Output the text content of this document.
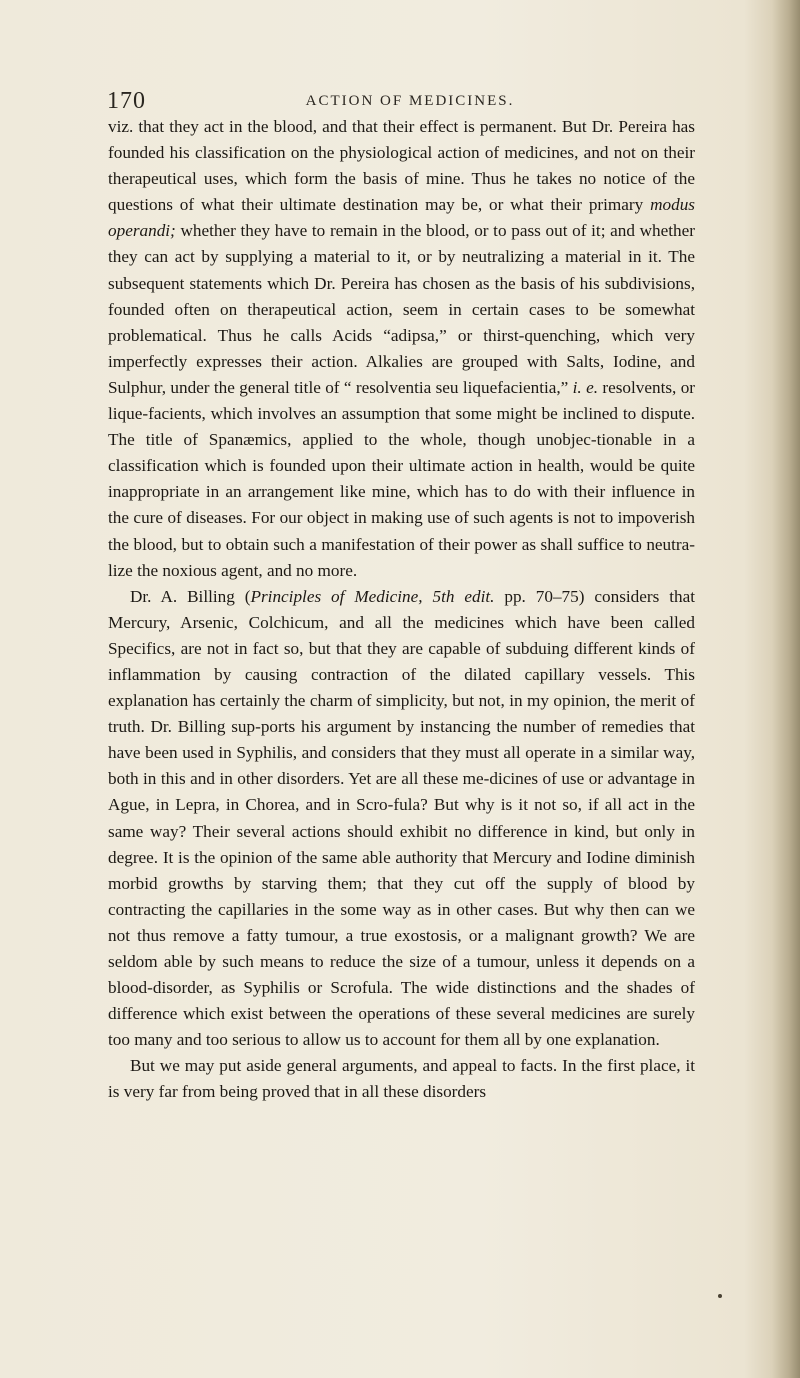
170	ACTION OF MEDICINES.

viz. that they act in the blood, and that their effect is permanent. But Dr. Pereira has founded his classification on the physiological action of medicines, and not on their therapeutical uses, which form the basis of mine. Thus he takes no notice of the questions of what their ultimate destination may be, or what their primary modus operandi; whether they have to remain in the blood, or to pass out of it; and whether they can act by supplying a material to it, or by neutralizing a material in it. The subsequent statements which Dr. Pereira has chosen as the basis of his subdivisions, founded often on therapeutical action, seem in certain cases to be somewhat problematical. Thus he calls Acids “adipsa,” or thirst-quenching, which very imperfectly expresses their action. Alkalies are grouped with Salts, Iodine, and Sulphur, under the general title of “ resolventia seu liquefacientia,” i. e. resolvents, or lique-facients, which involves an assumption that some might be inclined to dispute. The title of Spanæmics, applied to the whole, though unobjec-tionable in a classification which is founded upon their ultimate action in health, would be quite inappropriate in an arrangement like mine, which has to do with their influence in the cure of diseases. For our object in making use of such agents is not to impoverish the blood, but to obtain such a manifestation of their power as shall suffice to neutra-lize the noxious agent, and no more.

Dr. A. Billing (Principles of Medicine, 5th edit. pp. 70–75) considers that Mercury, Arsenic, Colchicum, and all the medicines which have been called Specifics, are not in fact so, but that they are capable of subduing different kinds of inflammation by causing contraction of the dilated capillary vessels. This explanation has certainly the charm of simplicity, but not, in my opinion, the merit of truth. Dr. Billing sup-ports his argument by instancing the number of remedies that have been used in Syphilis, and considers that they must all operate in a similar way, both in this and in other disorders. Yet are all these me-dicines of use or advantage in Ague, in Lepra, in Chorea, and in Scro-fula? But why is it not so, if all act in the same way? Their several actions should exhibit no difference in kind, but only in degree. It is the opinion of the same able authority that Mercury and Iodine diminish morbid growths by starving them; that they cut off the supply of blood by contracting the capillaries in the some way as in other cases. But why then can we not thus remove a fatty tumour, a true exostosis, or a malignant growth? We are seldom able by such means to reduce the size of a tumour, unless it depends on a blood-disorder, as Syphilis or Scrofula. The wide distinctions and the shades of difference which exist between the operations of these several medicines are surely too many and too serious to allow us to account for them all by one explanation.

But we may put aside general arguments, and appeal to facts. In the first place, it is very far from being proved that in all these disorders
